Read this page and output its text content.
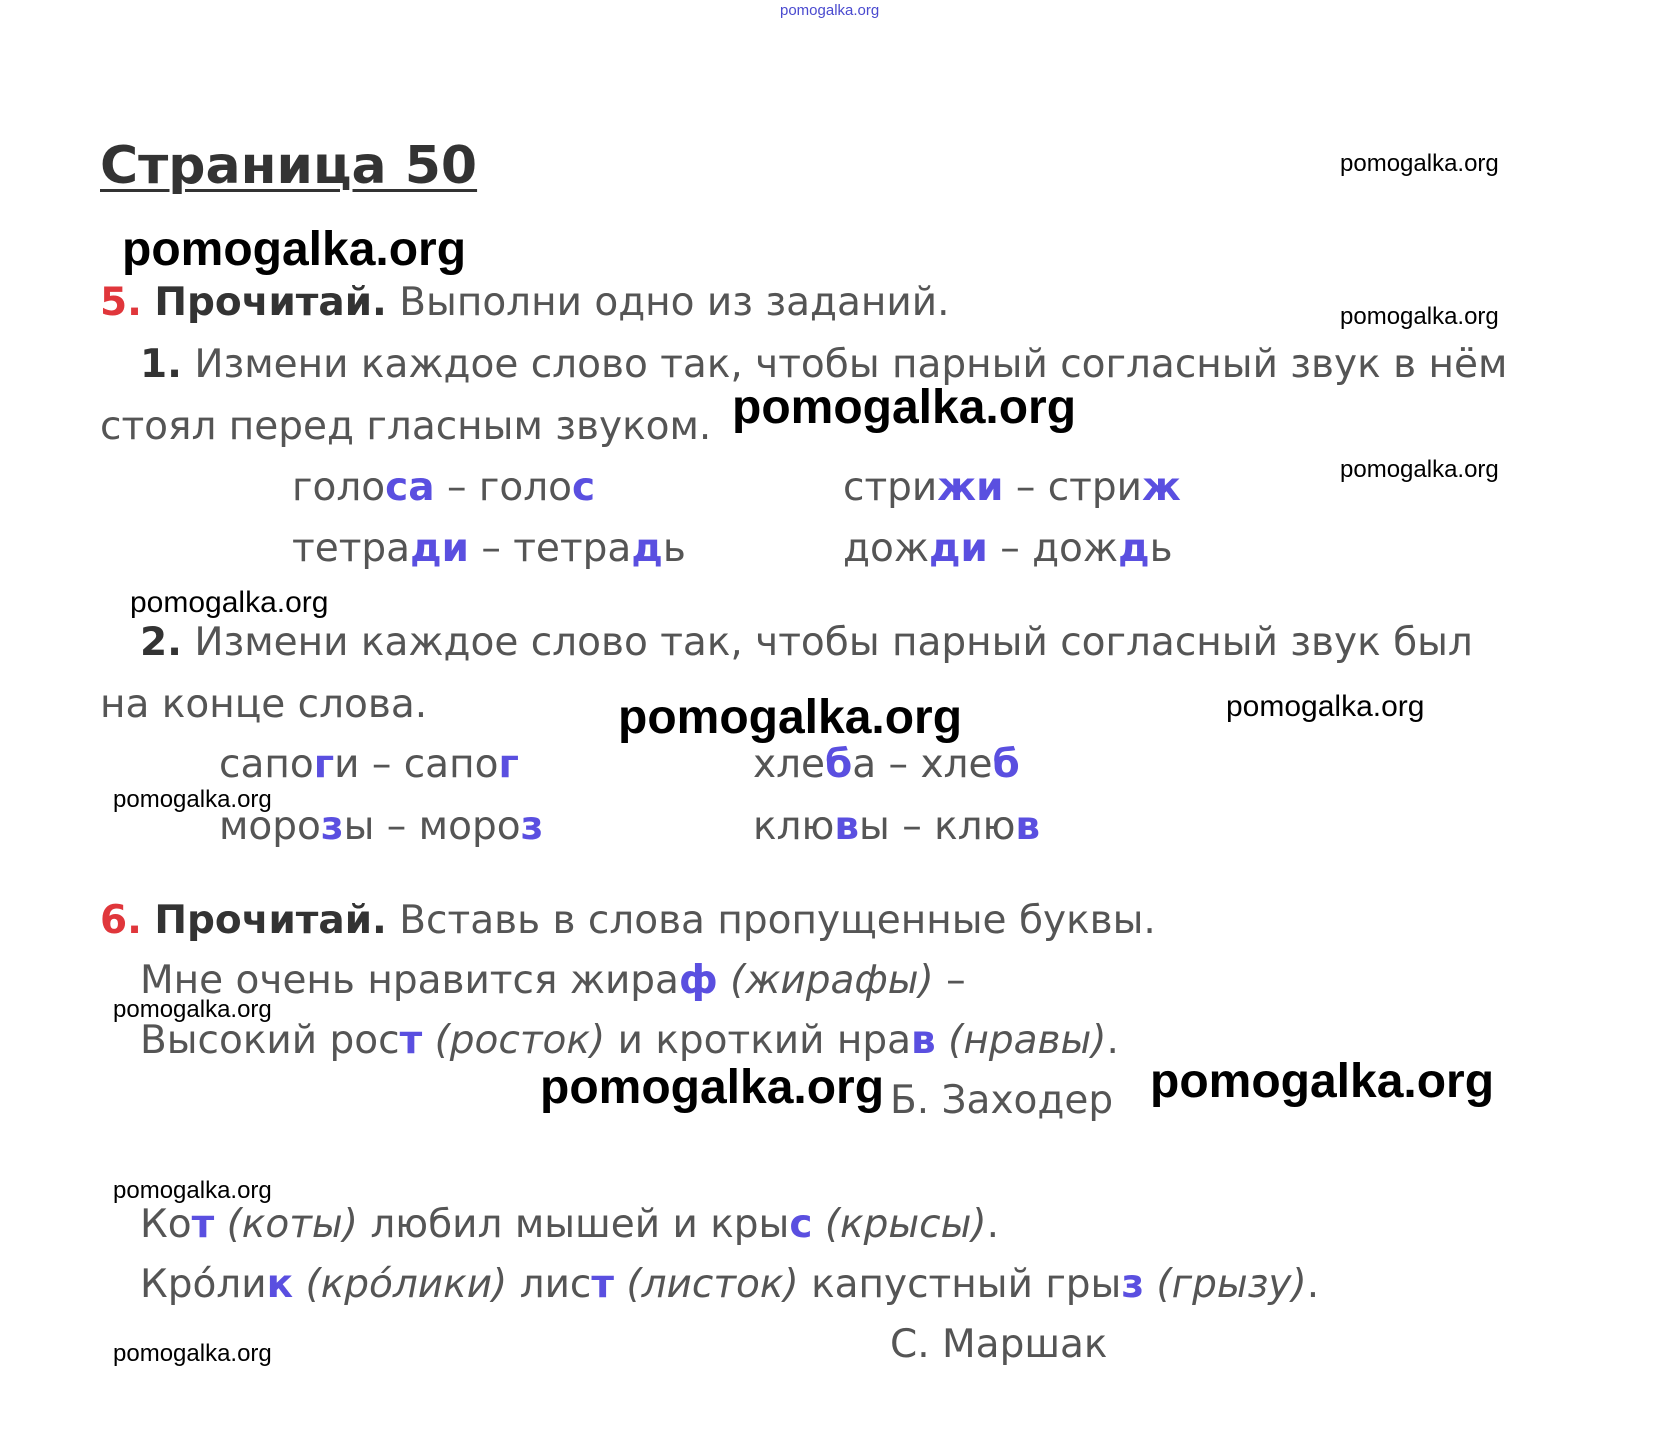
pomogalka.org
pomogalka.org
pomogalka.org
pomogalka.org
pomogalka.org
pomogalka.org
pomogalka.org
pomogalka.org	pomogalka.org
pomogalka.org
pomogalka.org
pomogalka.org	pomogalka.org
pomogalka.org
pomogalka.org
Страница 50
5. Прочитай. Выполни одно из заданий.
1. Измени каждое слово так, чтобы парный согласный звук в нём
стоял перед гласным звуком.
голоса – голос	стрижи – стриж
тетради – тетрадь	дожди – дождь
2. Измени каждое слово так, чтобы парный согласный звук был
на конце слова.
сапоги – сапог	хлеба – хлеб
морозы – мороз	клювы – клюв
6. Прочитай. Вставь в слова пропущенные буквы.
Мне очень нравится жираф (жирафы) –
Высокий рост (росток) и кроткий нрав (нравы).
Б. Заходер
Кот (коты) любил мышей и крыс (крысы).
Кро́лик (кро́лики) лист (листок) капустный грыз (грызу).
С. Маршак
